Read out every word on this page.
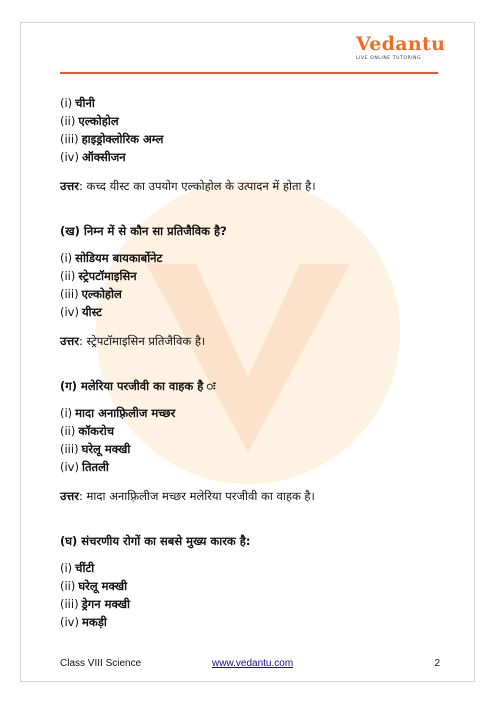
Vedantu
LIVE ONLINE TUTORING
(i) चीनी
(ii) एल्कोहोल
(iii) हाइड्रोक्लोरिक अम्ल
(iv) ऑक्सीजन
उत्तर: कच्द यीस्ट का उपयोग एल्कोहोल के उत्पादन में होता है।
(ख) निम्न में से कौन सा प्रतिजैविक है?
(i) सोडियम बायकार्बोनेट
(ii) स्ट्रेपटॉमाइसिन
(iii) एल्कोहोल
(iv) यीस्ट
उत्तर: स्ट्रेपटॉमाइसिन प्रतिजैविक है।
(ग) मलेरिया परजीवी का वाहक है ः
(i) मादा अनाफ़्रिलीज मच्छर
(ii) कॉकरोच
(iii) घरेलू मक्खी
(iv) तितली
उत्तर: मादा अनाफ़्रिलीज मच्छर मलेरिया परजीवी का वाहक है।
(घ) संचरणीय रोगों का सबसे मुख्य कारक है:
(i) चींटी
(ii) घरेलू मक्खी
(iii) ड्रेगन मक्खी
(iv) मकड़ी
Class VIII Science	www.vedantu.com	2
